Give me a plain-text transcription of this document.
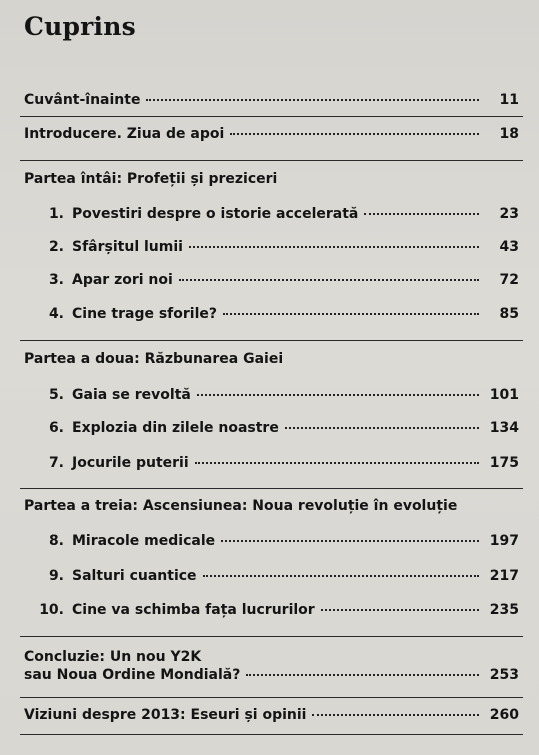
Cuprins
Cuvânt-înainte	11
Introducere. Ziua de apoi	18
Partea întâi: Profeții și preziceri
1. Povestiri despre o istorie accelerată	23
2. Sfârșitul lumii	43
3. Apar zori noi	72
4. Cine trage sforile?	85
Partea a doua: Răzbunarea Gaiei
5. Gaia se revoltă	101
6. Explozia din zilele noastre	134
7. Jocurile puterii	175
Partea a treia: Ascensiunea: Noua revoluție în evoluție
8. Miracole medicale	197
9. Salturi cuantice	217
10. Cine va schimba fața lucrurilor	235
Concluzie: Un nou Y2K
sau Noua Ordine Mondială?	253
Viziuni despre 2013: Eseuri și opinii	260
